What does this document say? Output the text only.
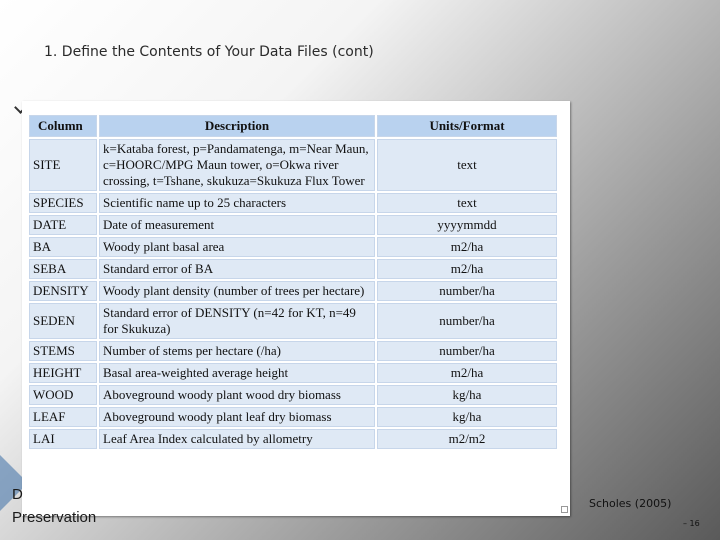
1. Define the Contents of Your Data Files (cont)
Column	Description	Units/Format
SITE	k=Kataba forest, p=Pandamatenga, m=Near Maun, c=HOORC/MPG Maun tower, o=Okwa river crossing, t=Tshane, skukuza=Skukuza Flux Tower	text
SPECIES	Scientific name up to 25 characters	text
DATE	Date of measurement	yyyymmdd
BA	Woody plant basal area	m2/ha
SEBA	Standard error of BA	m2/ha
DENSITY	Woody plant density (number of trees per hectare)	number/ha
SEDEN	Standard error of DENSITY (n=42 for KT, n=49 for Skukuza)	number/ha
STEMS	Number of stems per hectare (/ha)	number/ha
HEIGHT	Basal area-weighted average height	m2/ha
WOOD	Aboveground woody plant wood dry biomass	kg/ha
LEAF	Aboveground woody plant leaf dry biomass	kg/ha
LAI	Leaf Area Index calculated by allometry	m2/m2
D
Preservation
Scholes (2005)
– 16
